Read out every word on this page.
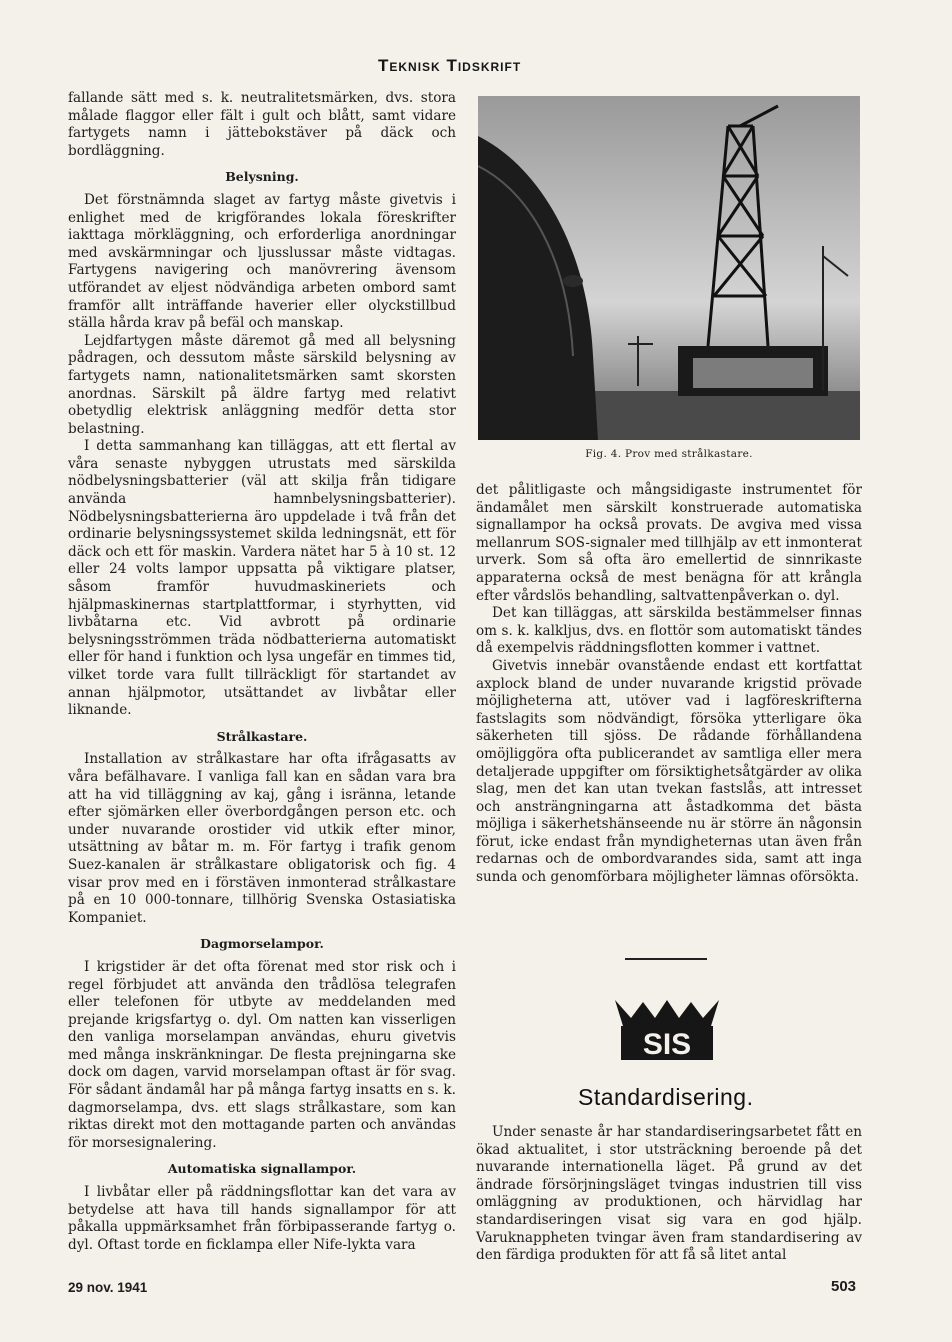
Teknisk Tidskrift

fallande sätt med s. k. neutralitetsmärken, dvs. stora målade flaggor eller fält i gult och blått, samt vidare fartygets namn i jättebokstäver på däck och bordläggning.

Belysning.

Det förstnämnda slaget av fartyg måste givetvis i enlighet med de krigförandes lokala föreskrifter iakttaga mörkläggning, och erforderliga anordningar med avskärmningar och ljusslussar måste vidtagas. Fartygens navigering och manövrering ävensom utförandet av eljest nödvändiga arbeten ombord samt framför allt inträffande haverier eller olyckstillbud ställa hårda krav på befäl och manskap.

Lejdfartygen måste däremot gå med all belysning pådragen, och dessutom måste särskild belysning av fartygets namn, nationalitetsmärken samt skorsten anordnas. Särskilt på äldre fartyg med relativt obetydlig elektrisk anläggning medför detta stor belastning.

I detta sammanhang kan tilläggas, att ett flertal av våra senaste nybyggen utrustats med särskilda nödbelysningsbatterier (väl att skilja från tidigare använda hamnbelysningsbatterier). Nödbelysningsbatterierna äro uppdelade i två från det ordinarie belysningssystemet skilda ledningsnät, ett för däck och ett för maskin. Vardera nätet har 5 à 10 st. 12 eller 24 volts lampor uppsatta på viktigare platser, såsom framför huvudmaskineriets och hjälpmaskinernas startplattformar, i styrhytten, vid livbåtarna etc. Vid avbrott på ordinarie belysningsströmmen träda nödbatterierna automatiskt eller för hand i funktion och lysa ungefär en timmes tid, vilket torde vara fullt tillräckligt för startandet av annan hjälpmotor, utsättandet av livbåtar eller liknande.

Strålkastare.

Installation av strålkastare har ofta ifrågasatts av våra befälhavare. I vanliga fall kan en sådan vara bra att ha vid tilläggning av kaj, gång i isränna, letande efter sjömärken eller överbordgången person etc. och under nuvarande orostider vid utkik efter minor, utsättning av båtar m. m. För fartyg i trafik genom Suez-kanalen är strålkastare obligatorisk och fig. 4 visar prov med en i förstäven inmonterad strålkastare på en 10 000-tonnare, tillhörig Svenska Ostasiatiska Kompaniet.

Dagmorselampor.

I krigstider är det ofta förenat med stor risk och i regel förbjudet att använda den trådlösa telegrafen eller telefonen för utbyte av meddelanden med prejande krigsfartyg o. dyl. Om natten kan visserligen den vanliga morselampan användas, ehuru givetvis med många inskränkningar. De flesta prejningarna ske dock om dagen, varvid morselampan oftast är för svag. För sådant ändamål har på många fartyg insatts en s. k. dagmorselampa, dvs. ett slags strålkastare, som kan riktas direkt mot den mottagande parten och användas för morsesignalering.

Automatiska signallampor.

I livbåtar eller på räddningsflottar kan det vara av betydelse att hava till hands signallampor för att påkalla uppmärksamhet från förbipasserande fartyg o. dyl. Oftast torde en ficklampa eller Nife-lykta vara

Fig. 4. Prov med strålkastare.

det pålitligaste och mångsidigaste instrumentet för ändamålet men särskilt konstruerade automatiska signallampor ha också provats. De avgiva med vissa mellanrum SOS-signaler med tillhjälp av ett inmonterat urverk. Som så ofta äro emellertid de sinnrikaste apparaterna också de mest benägna för att krångla efter vårdslös behandling, saltvattenpåverkan o. dyl.

Det kan tilläggas, att särskilda bestämmelser finnas om s. k. kalkljus, dvs. en flottör som automatiskt tändes då exempelvis räddningsflotten kommer i vattnet.

Givetvis innebär ovanstående endast ett kortfattat axplock bland de under nuvarande krigstid prövade möjligheterna att, utöver vad i lagföreskrifterna fastslagits som nödvändigt, försöka ytterligare öka säkerheten till sjöss. De rådande förhållandena omöjliggöra ofta publicerandet av samtliga eller mera detaljerade uppgifter om försiktighetsåtgärder av olika slag, men det kan utan tvekan fastslås, att intresset och ansträngningarna att åstadkomma det bästa möjliga i säkerhetshänseende nu är större än någonsin förut, icke endast från myndigheternas utan även från redarnas och de ombordvarandes sida, samt att inga sunda och genomförbara möjligheter lämnas oförsökta.

SIS
Standardisering.

Under senaste år har standardiseringsarbetet fått en ökad aktualitet, i stor utsträckning beroende på det nuvarande internationella läget. På grund av det ändrade försörjningsläget tvingas industrien till viss omläggning av produktionen, och härvidlag har standardiseringen visat sig vara en god hjälp. Varuknappheten tvingar även fram standardisering av den färdiga produkten för att få så litet antal

29 nov. 1941	503
